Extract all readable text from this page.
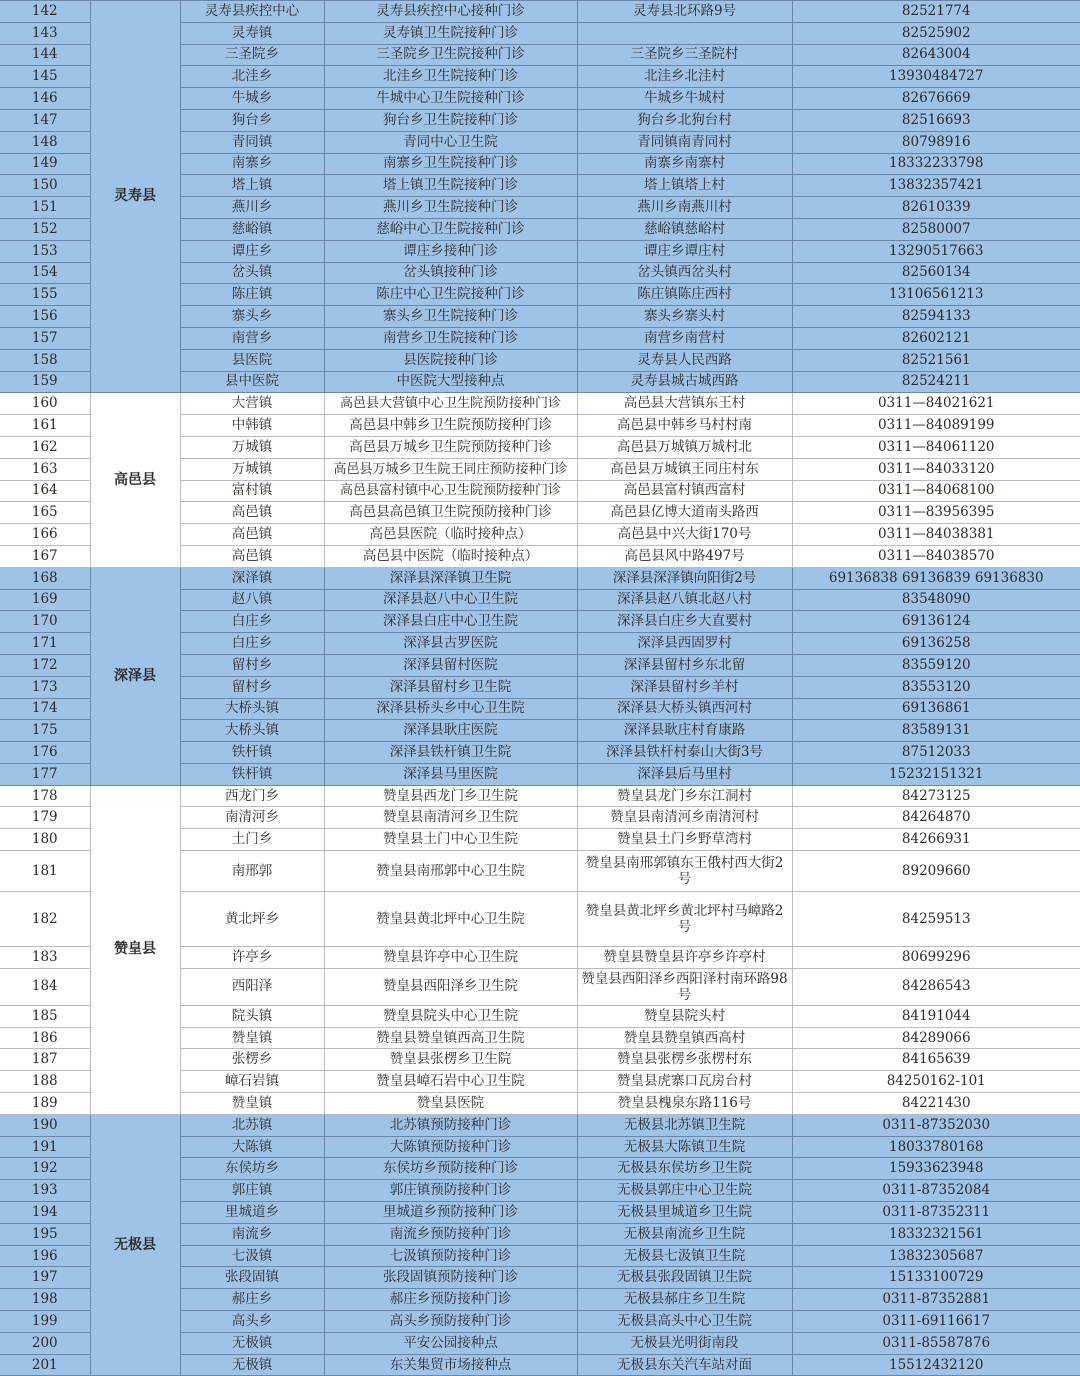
142	灵寿县	灵寿县疾控中心	灵寿县疾控中心接种门诊	灵寿县北环路9号	82521774
143		灵寿镇	灵寿镇卫生院接种门诊		82525902
144		三圣院乡	三圣院乡卫生院接种门诊	三圣院乡三圣院村	82643004
145		北洼乡	北洼乡卫生院接种门诊	北洼乡北洼村	13930484727
146		牛城乡	牛城中心卫生院接种门诊	牛城乡牛城村	82676669
147		狗台乡	狗台乡卫生院接种门诊	狗台乡北狗台村	82516693
148		青同镇	青同中心卫生院	青同镇南青同村	80798916
149		南寨乡	南寨乡卫生院接种门诊	南寨乡南寨村	18332233798
150		塔上镇	塔上镇卫生院接种门诊	塔上镇塔上村	13832357421
151		燕川乡	燕川乡卫生院接种门诊	燕川乡南燕川村	82610339
152		慈峪镇	慈峪中心卫生院接种门诊	慈峪镇慈峪村	82580007
153		谭庄乡	谭庄乡接种门诊	谭庄乡谭庄村	13290517663
154		岔头镇	岔头镇接种门诊	岔头镇西岔头村	82560134
155		陈庄镇	陈庄中心卫生院接种门诊	陈庄镇陈庄西村	13106561213
156		寨头乡	寨头乡卫生院接种门诊	寨头乡寨头村	82594133
157		南营乡	南营乡卫生院接种门诊	南营乡南营村	82602121
158		县医院	县医院接种门诊	灵寿县人民西路	82521561
159		县中医院	中医院大型接种点	灵寿县城古城西路	82524211
160	高邑县	大营镇	高邑县大营镇中心卫生院预防接种门诊	高邑县大营镇东王村	0311—84021621
161		中韩镇	高邑县中韩乡卫生院预防接种门诊	高邑县中韩乡马村村南	0311—84089199
162		万城镇	高邑县万城乡卫生院预防接种门诊	高邑县万城镇万城村北	0311—84061120
163		万城镇	高邑县万城乡卫生院王同庄预防接种门诊	高邑县万城镇王同庄村东	0311—84033120
164		富村镇	高邑县富村镇中心卫生院预防接种门诊	高邑县富村镇西富村	0311—84068100
165		高邑镇	高邑县高邑镇卫生院预防接种门诊	高邑县亿博大道南头路西	0311—83956395
166		高邑镇	高邑县医院（临时接种点）	高邑县中兴大街170号	0311—84038381
167		高邑镇	高邑县中医院（临时接种点）	高邑县风中路497号	0311—84038570
168	深泽县	深泽镇	深泽县深泽镇卫生院	深泽县深泽镇向阳街2号	69136838 69136839 69136830
169		赵八镇	深泽县赵八中心卫生院	深泽县赵八镇北赵八村	83548090
170		白庄乡	深泽县白庄中心卫生院	深泽县白庄乡大直要村	69136124
171		白庄乡	深泽县古罗医院	深泽县西固罗村	69136258
172		留村乡	深泽县留村医院	深泽县留村乡东北留	83559120
173		留村乡	深泽县留村乡卫生院	深泽县留村乡羊村	83553120
174		大桥头镇	深泽县桥头乡中心卫生院	深泽县大桥头镇西河村	69136861
175		大桥头镇	深泽县耿庄医院	深泽县耿庄村育康路	83589131
176		铁杆镇	深泽县铁杆镇卫生院	深泽县铁杆村泰山大街3号	87512033
177		铁杆镇	深泽县马里医院	深泽县后马里村	15232151321
178	赞皇县	西龙门乡	赞皇县西龙门乡卫生院	赞皇县龙门乡东江洞村	84273125
179		南清河乡	赞皇县南清河乡卫生院	赞皇县南清河乡南清河村	84264870
180		土门乡	赞皇县土门中心卫生院	赞皇县土门乡野草湾村	84266931
181		南邢郭	赞皇县南邢郭中心卫生院	赞皇县南邢郭镇东王俄村西大街2号	89209660
182		黄北坪乡	赞皇县黄北坪中心卫生院	赞皇县黄北坪乡黄北坪村马嶂路2号	84259513
183		许亭乡	赞皇县许亭中心卫生院	赞皇县赞皇县许亭乡许亭村	80699296
184		西阳泽	赞皇县西阳泽乡卫生院	赞皇县西阳泽乡西阳泽村南环路98号	84286543
185		院头镇	赞皇县院头中心卫生院	赞皇县院头村	84191044
186		赞皇镇	赞皇县赞皇镇西高卫生院	赞皇县赞皇镇西高村	84289066
187		张楞乡	赞皇县张楞乡卫生院	赞皇县张楞乡张楞村东	84165639
188		嶂石岩镇	赞皇县嶂石岩中心卫生院	赞皇县虎寨口瓦房台村	84250162-101
189		赞皇镇	赞皇县医院	赞皇县槐泉东路116号	84221430
190	无极县	北苏镇	北苏镇预防接种门诊	无极县北苏镇卫生院	0311-87352030
191		大陈镇	大陈镇预防接种门诊	无极县大陈镇卫生院	18033780168
192		东侯坊乡	东侯坊乡预防接种门诊	无极县东侯坊乡卫生院	15933623948
193		郭庄镇	郭庄镇预防接种门诊	无极县郭庄中心卫生院	0311-87352084
194		里城道乡	里城道乡预防接种门诊	无极县里城道乡卫生院	0311-87352311
195		南流乡	南流乡预防接种门诊	无极县南流乡卫生院	18332321561
196		七汲镇	七汲镇预防接种门诊	无极县七汲镇卫生院	13832305687
197		张段固镇	张段固镇预防接种门诊	无极县张段固镇卫生院	15133100729
198		郝庄乡	郝庄乡预防接种门诊	无极县郝庄乡卫生院	0311-87352881
199		高头乡	高头乡预防接种门诊	无极县高头中心卫生院	0311-69116617
200		无极镇	平安公园接种点	无极县光明街南段	0311-85587876
201		无极镇	东关集贸市场接种点	无极县东关汽车站对面	15512432120
